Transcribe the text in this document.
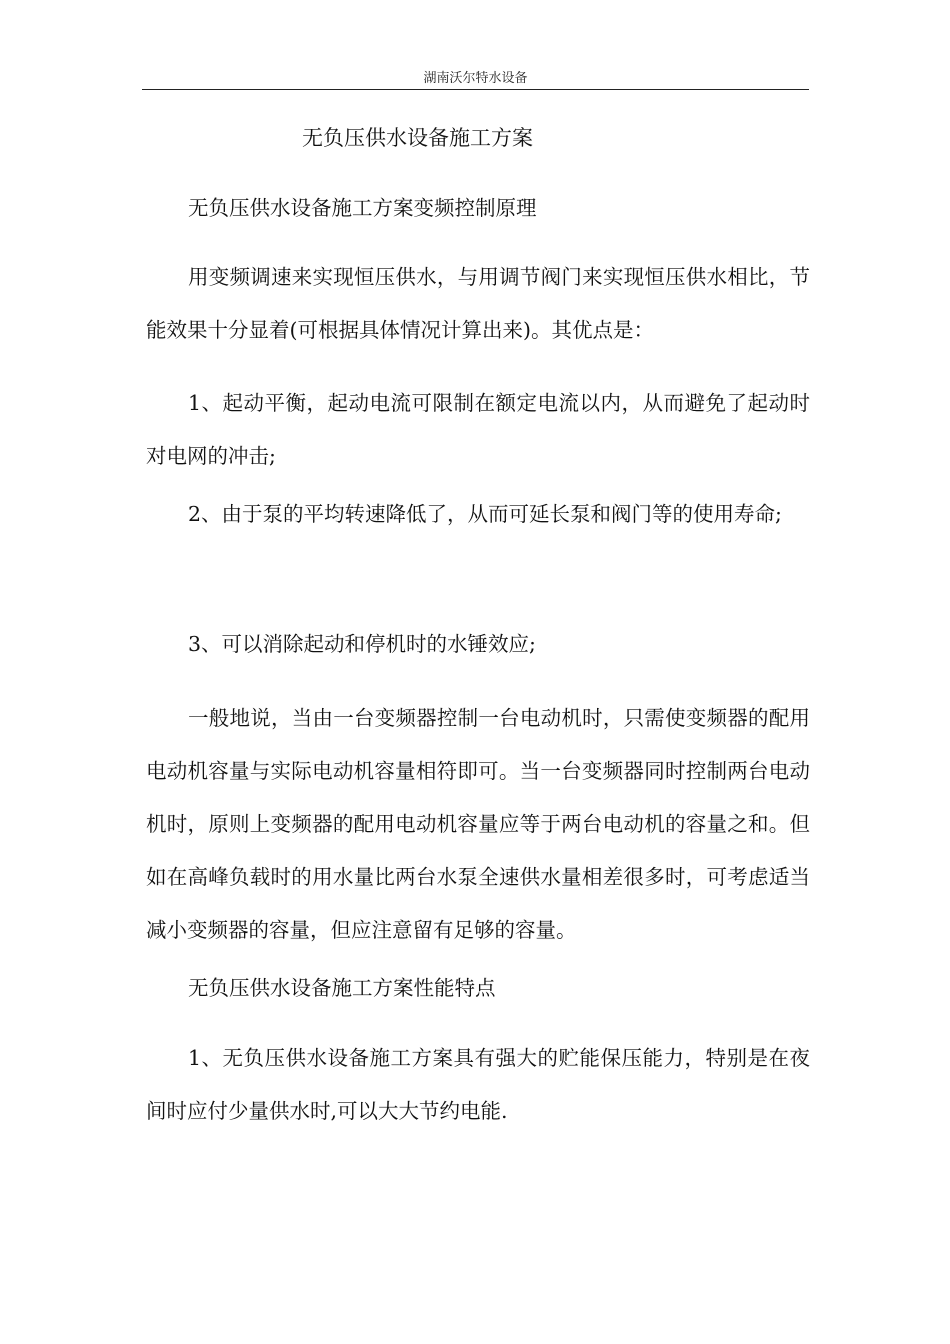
湖南沃尔特水设备
无负压供水设备施工方案

无负压供水设备施工方案变频控制原理

用变频调速来实现恒压供水，与用调节阀门来实现恒压供水相比，节能效果十分显着(可根据具体情况计算出来)。其优点是：

1、起动平衡，起动电流可限制在额定电流以内，从而避免了起动时对电网的冲击;

2、由于泵的平均转速降低了，从而可延长泵和阀门等的使用寿命;

3、可以消除起动和停机时的水锤效应;

一般地说，当由一台变频器控制一台电动机时，只需使变频器的配用电动机容量与实际电动机容量相符即可。当一台变频器同时控制两台电动机时，原则上变频器的配用电动机容量应等于两台电动机的容量之和。但如在高峰负载时的用水量比两台水泵全速供水量相差很多时，可考虑适当减小变频器的容量，但应注意留有足够的容量。

无负压供水设备施工方案性能特点

1、无负压供水设备施工方案具有强大的贮能保压能力，特别是在夜间时应付少量供水时,可以大大节约电能.
